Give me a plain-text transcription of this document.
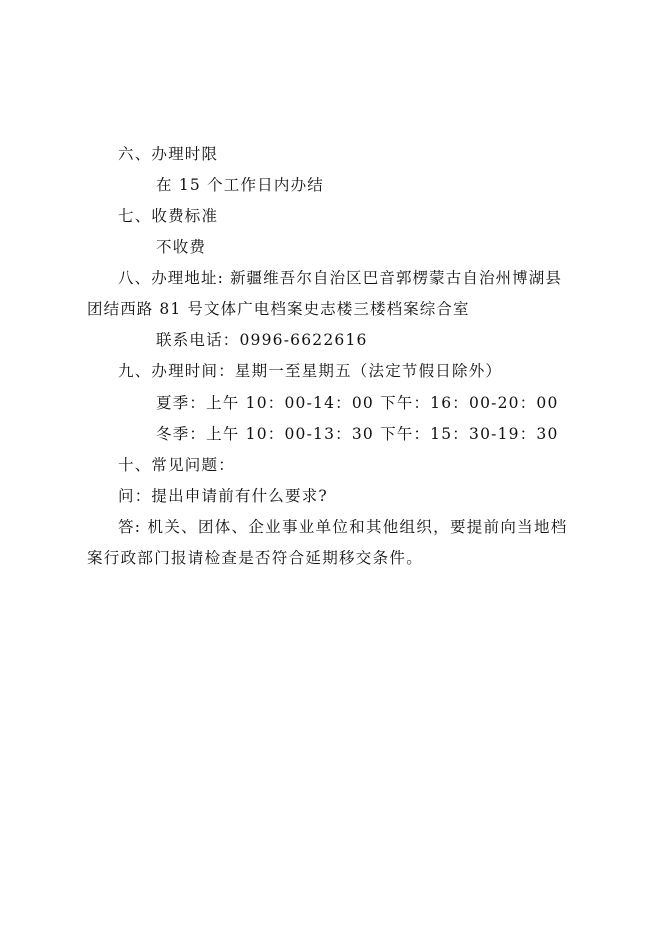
六、办理时限
在 15 个工作日内办结
七、收费标准
不收费
八、办理地址: 新疆维吾尔自治区巴音郭楞蒙古自治州博湖县
团结西路 81 号文体广电档案史志楼三楼档案综合室
联系电话：0996-6622616
九、办理时间：星期一至星期五（法定节假日除外）
夏季：上午 10：00-14：00 下午：16：00-20：00
冬季：上午 10：00-13：30 下午：15：30-19：30
十、常见问题：
问：提出申请前有什么要求?
答: 机关、团体、企业事业单位和其他组织，要提前向当地档
案行政部门报请检查是否符合延期移交条件。
